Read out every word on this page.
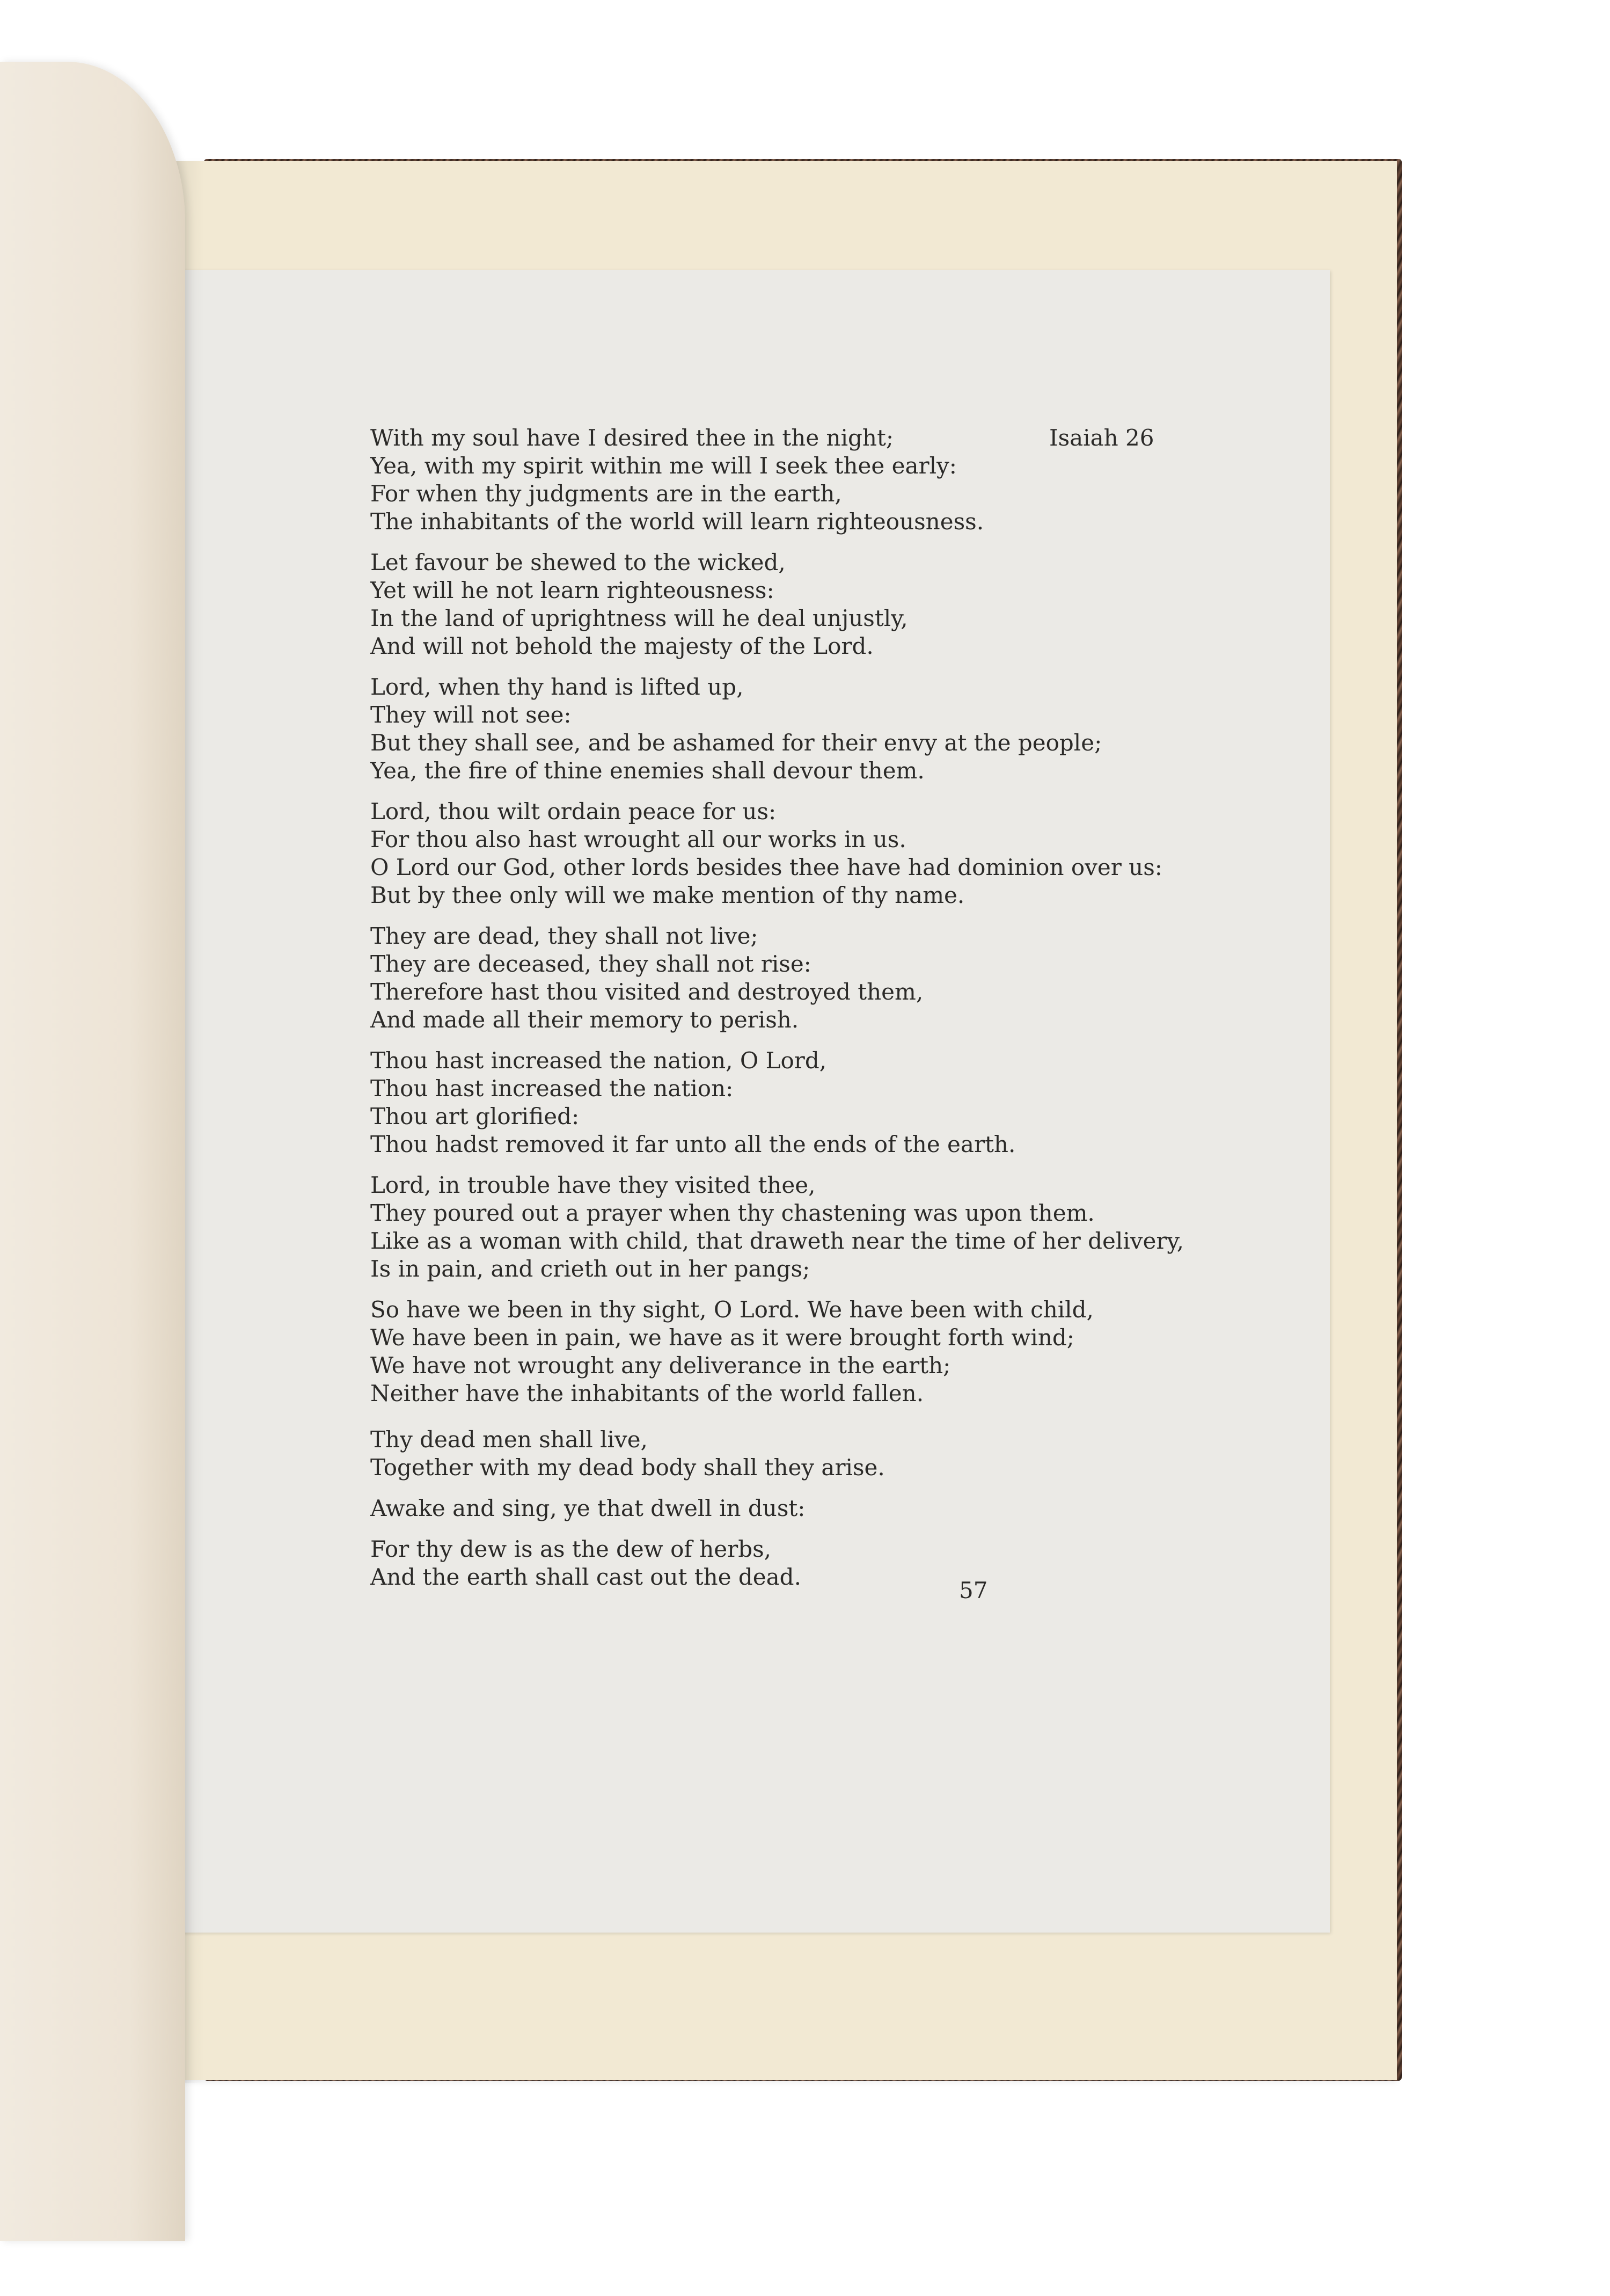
Isaiah 26
With my soul have I desired thee in the night;
Yea, with my spirit within me will I seek thee early:
For when thy judgments are in the earth,
The inhabitants of the world will learn righteousness.
Let favour be shewed to the wicked,
Yet will he not learn righteousness:
In the land of uprightness will he deal unjustly,
And will not behold the majesty of the Lord.
Lord, when thy hand is lifted up,
They will not see:
But they shall see, and be ashamed for their envy at the people;
Yea, the fire of thine enemies shall devour them.
Lord, thou wilt ordain peace for us:
For thou also hast wrought all our works in us.
O Lord our God, other lords besides thee have had dominion over us:
But by thee only will we make mention of thy name.
They are dead, they shall not live;
They are deceased, they shall not rise:
Therefore hast thou visited and destroyed them,
And made all their memory to perish.
Thou hast increased the nation, O Lord,
Thou hast increased the nation:
Thou art glorified:
Thou hadst removed it far unto all the ends of the earth.
Lord, in trouble have they visited thee,
They poured out a prayer when thy chastening was upon them.
Like as a woman with child, that draweth near the time of her delivery,
Is in pain, and crieth out in her pangs;
So have we been in thy sight, O Lord. We have been with child,
We have been in pain, we have as it were brought forth wind;
We have not wrought any deliverance in the earth;
Neither have the inhabitants of the world fallen.
Thy dead men shall live,
Together with my dead body shall they arise.
Awake and sing, ye that dwell in dust:
For thy dew is as the dew of herbs,
And the earth shall cast out the dead.
57
